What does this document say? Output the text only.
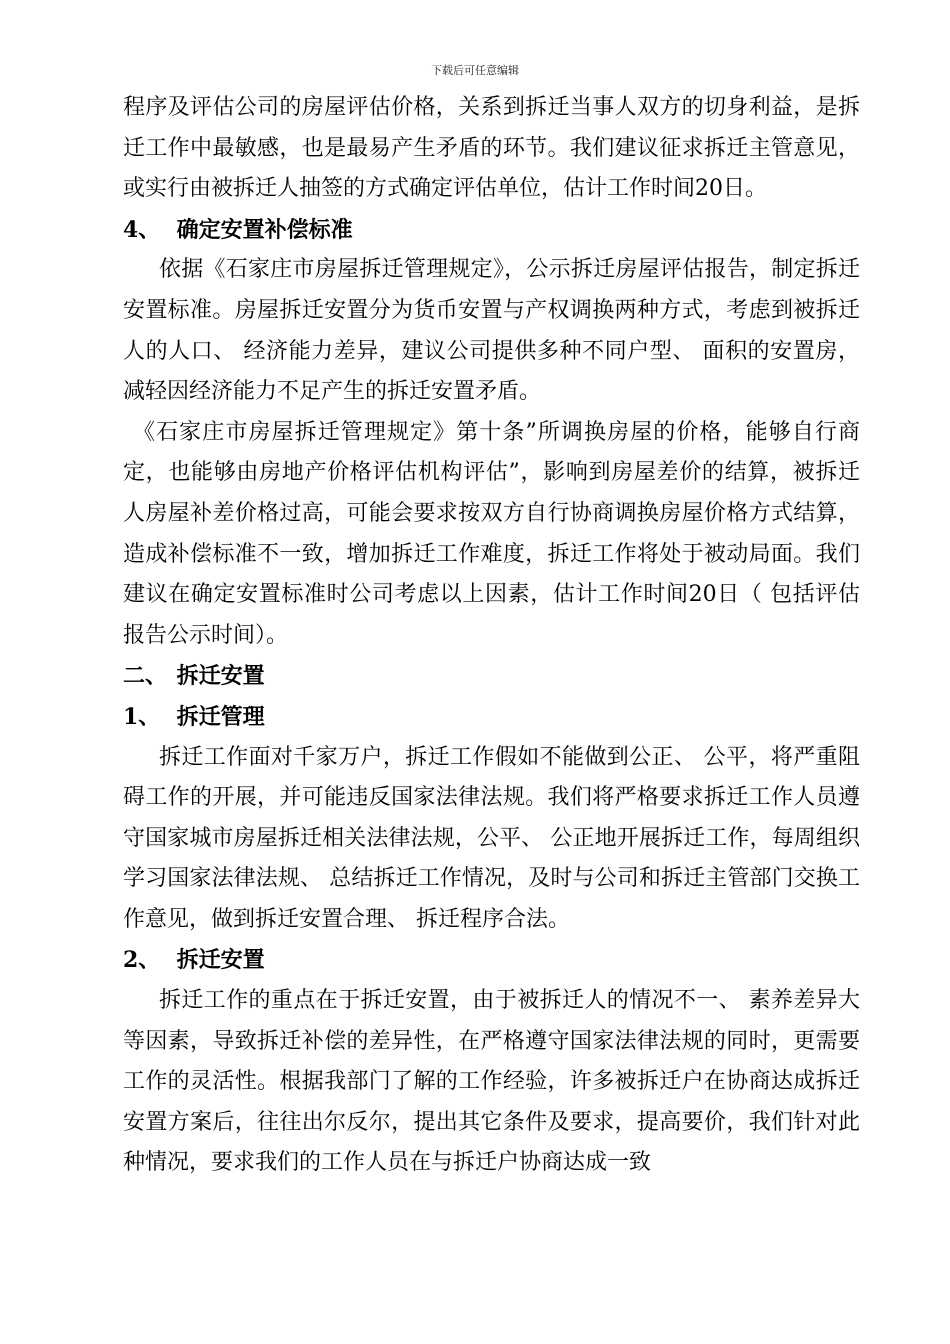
下载后可任意编辑

程序及评估公司的房屋评估价格，关系到拆迁当事人双方的切身利益，是拆迁工作中最敏感，也是最易产生矛盾的环节。我们建议征求拆迁主管意见，或实行由被拆迁人抽签的方式确定评估单位，估计工作时间20日。

4、 确定安置补偿标准

依据《石家庄市房屋拆迁管理规定》，公示拆迁房屋评估报告，制定拆迁安置标准。房屋拆迁安置分为货币安置与产权调换两种方式，考虑到被拆迁人的人口、 经济能力差异，建议公司提供多种不同户型、 面积的安置房，减轻因经济能力不足产生的拆迁安置矛盾。

《石家庄市房屋拆迁管理规定》第十条”所调换房屋的价格，能够自行商定，也能够由房地产价格评估机构评估”，影响到房屋差价的结算，被拆迁人房屋补差价格过高，可能会要求按双方自行协商调换房屋价格方式结算，造成补偿标准不一致，增加拆迁工作难度，拆迁工作将处于被动局面。我们建议在确定安置标准时公司考虑以上因素，估计工作时间20日（ 包括评估报告公示时间）。

二、 拆迁安置
1、 拆迁管理

拆迁工作面对千家万户，拆迁工作假如不能做到公正、 公平，将严重阻碍工作的开展，并可能违反国家法律法规。我们将严格要求拆迁工作人员遵守国家城市房屋拆迁相关法律法规，公平、 公正地开展拆迁工作，每周组织学习国家法律法规、 总结拆迁工作情况，及时与公司和拆迁主管部门交换工作意见，做到拆迁安置合理、 拆迁程序合法。

2、 拆迁安置

拆迁工作的重点在于拆迁安置，由于被拆迁人的情况不一、 素养差异大等因素，导致拆迁补偿的差异性，在严格遵守国家法律法规的同时，更需要工作的灵活性。根据我部门了解的工作经验，许多被拆迁户在协商达成拆迁安置方案后，往往出尔反尔，提出其它条件及要求，提高要价，我们针对此种情况，要求我们的工作人员在与拆迁户协商达成一致
